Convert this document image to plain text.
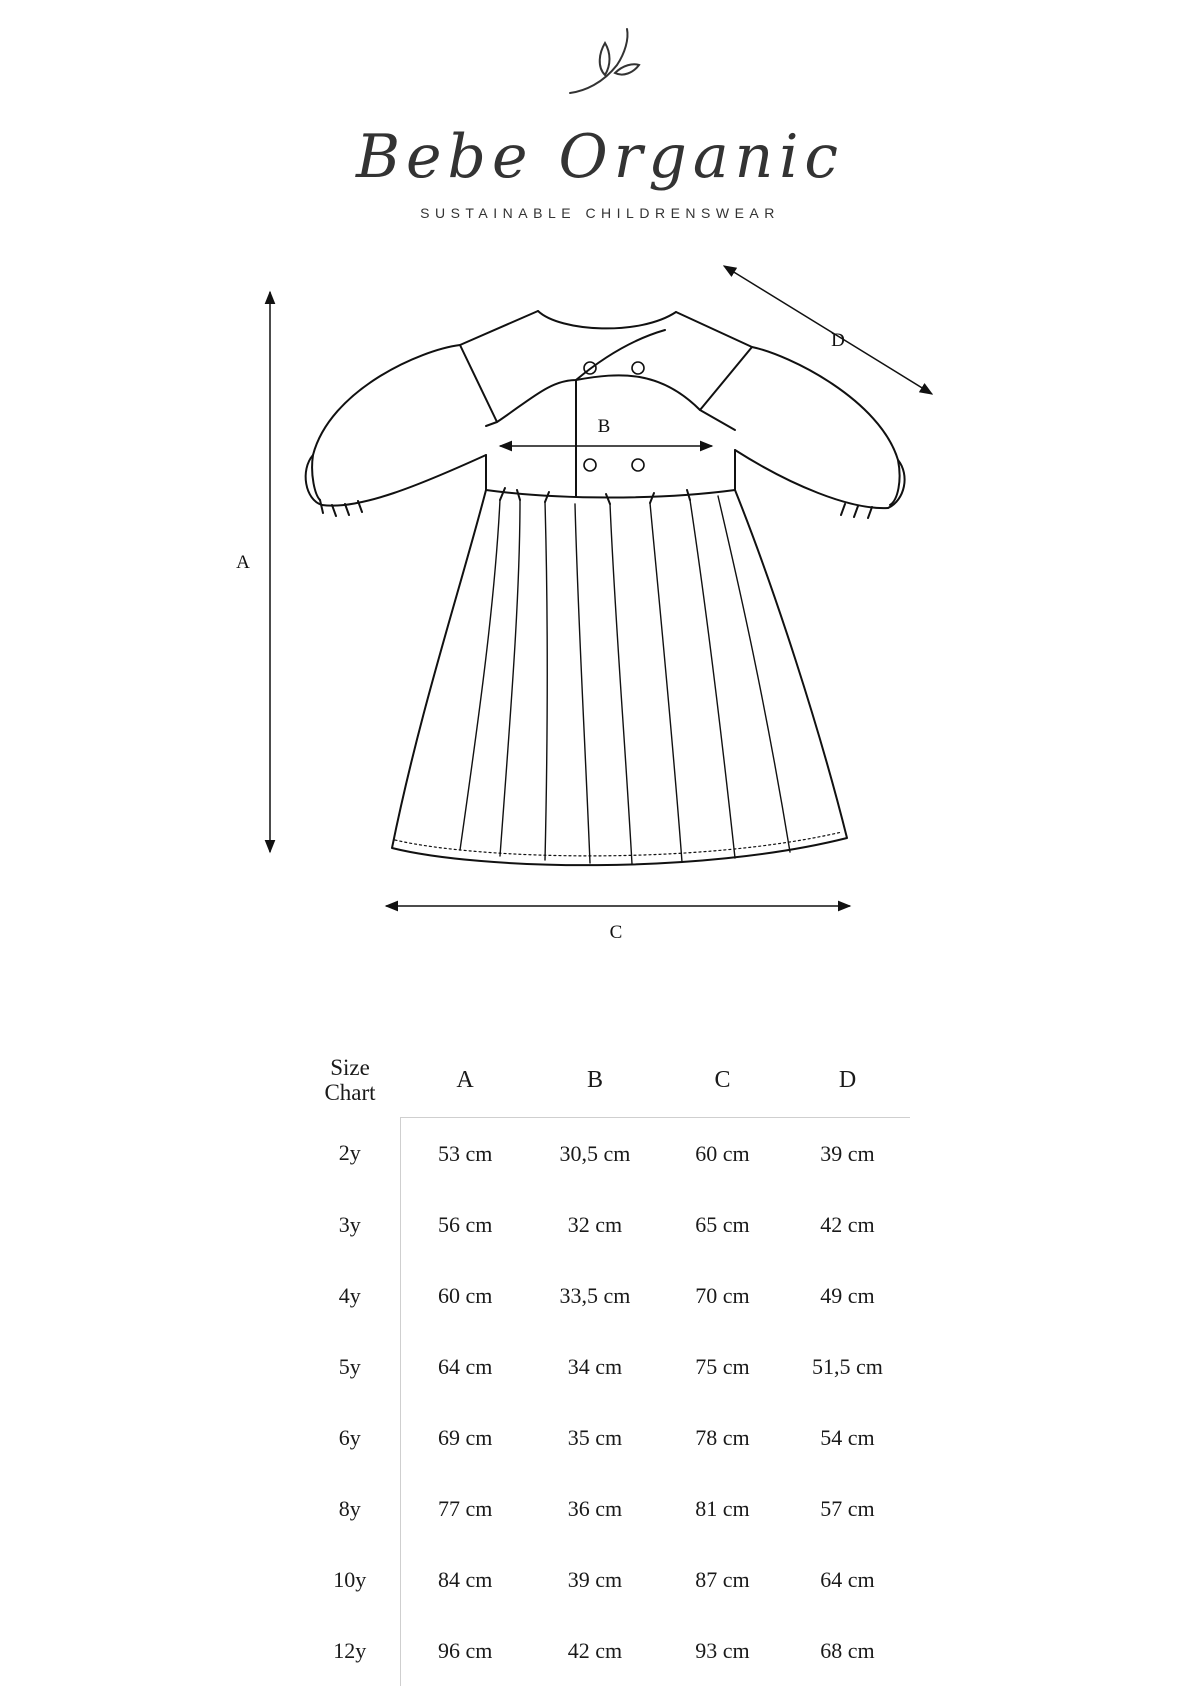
Bebe Organic
SUSTAINABLE CHILDRENSWEAR
A
B
C
D
Size
Chart	A	B	C	D
2y	53 cm	30,5 cm	60 cm	39 cm
3y	56 cm	32 cm	65 cm	42 cm
4y	60 cm	33,5 cm	70 cm	49 cm
5y	64 cm	34 cm	75 cm	51,5 cm
6y	69 cm	35 cm	78 cm	54 cm
8y	77 cm	36 cm	81 cm	57 cm
10y	84 cm	39 cm	87 cm	64 cm
12y	96 cm	42 cm	93 cm	68 cm
